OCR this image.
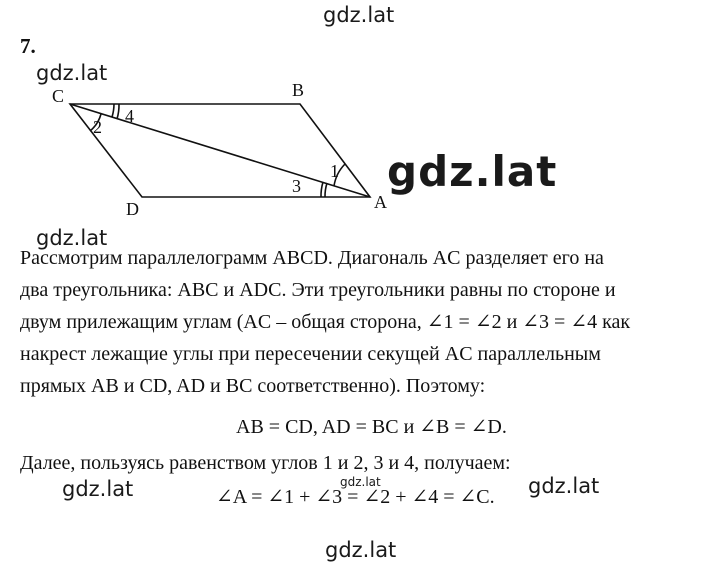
gdz.lat
gdz.lat
gdz.lat
gdz.lat
7.
C	B
A
D
4
2
1
3

Рассмотрим параллелограмм ABCD. Диагональ AC разделяет его на
два треугольника: ABC и ADC. Эти треугольники равны по стороне и
двум прилежащим углам (AC – общая сторона, ∠1 = ∠2 и ∠3 = ∠4 как
накрест лежащие углы при пересечении секущей AC параллельным
прямых AB и CD, AD и BC соответственно). Поэтому:

AB = CD, AD = BC и ∠B = ∠D.
Далее, пользуясь равенством углов 1 и 2, 3 и 4, получаем:
gdz.lat	gdz.lat
gdz.lat
∠A = ∠1 + ∠3 = ∠2 + ∠4 = ∠C.
gdz.lat
